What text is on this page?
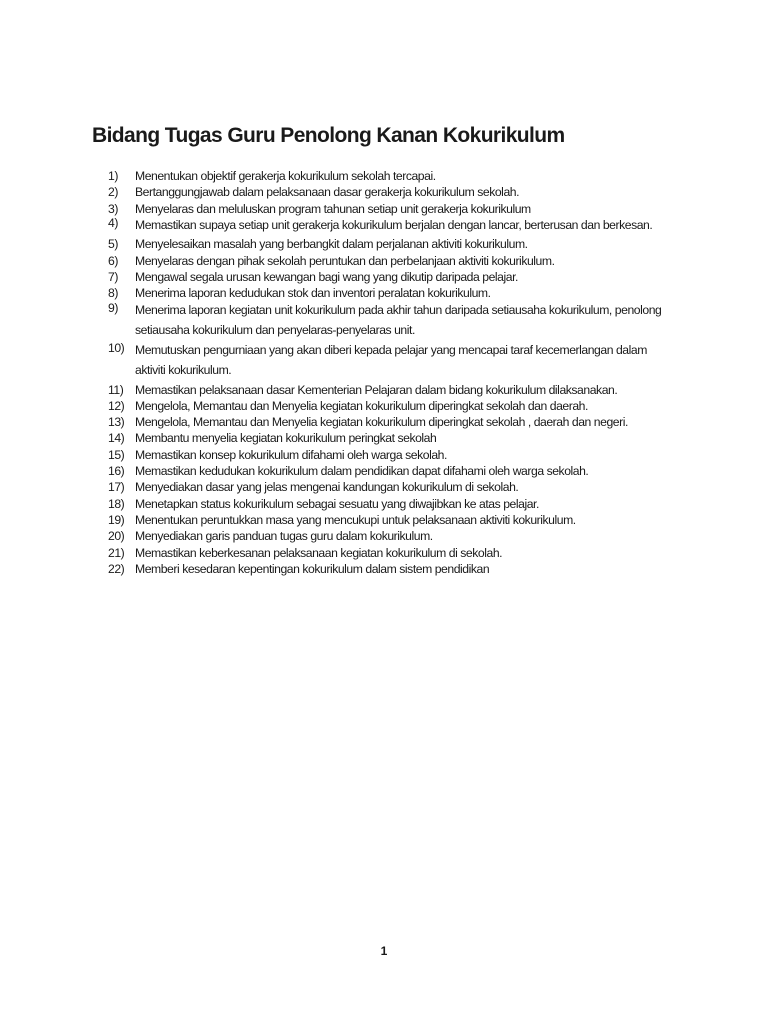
Bidang Tugas Guru Penolong Kanan Kokurikulum
1)	Menentukan objektif gerakerja kokurikulum sekolah tercapai.
2)	Bertanggungjawab dalam pelaksanaan dasar gerakerja kokurikulum sekolah.
3)	Menyelaras dan meluluskan program tahunan setiap unit gerakerja kokurikulum
4)	Memastikan supaya setiap unit gerakerja kokurikulum berjalan dengan lancar, berterusan dan berkesan.
5)	Menyelesaikan masalah yang berbangkit dalam perjalanan aktiviti kokurikulum.
6)	Menyelaras dengan pihak sekolah peruntukan dan perbelanjaan aktiviti kokurikulum.
7)	Mengawal segala urusan kewangan bagi wang yang dikutip daripada pelajar.
8)	Menerima laporan kedudukan stok dan inventori peralatan kokurikulum.
9)	Menerima laporan kegiatan unit kokurikulum pada akhir tahun daripada setiausaha kokurikulum, penolong setiausaha kokurikulum dan penyelaras-penyelaras unit.
10) Memutuskan pengurniaan yang akan diberi kepada pelajar yang mencapai taraf kecemerlangan dalam aktiviti kokurikulum.
11) Memastikan pelaksanaan dasar Kementerian Pelajaran dalam bidang kokurikulum dilaksanakan.
12) Mengelola, Memantau dan Menyelia kegiatan kokurikulum diperingkat sekolah dan daerah.
13) Mengelola, Memantau dan Menyelia kegiatan kokurikulum diperingkat sekolah , daerah dan negeri.
14) Membantu menyelia kegiatan kokurikulum peringkat sekolah
15) Memastikan konsep kokurikulum difahami oleh warga sekolah.
16) Memastikan kedudukan kokurikulum dalam pendidikan dapat difahami oleh warga sekolah.
17) Menyediakan dasar yang jelas mengenai kandungan kokurikulum di sekolah.
18) Menetapkan status kokurikulum sebagai sesuatu yang diwajibkan ke atas pelajar.
19) Menentukan peruntukkan masa yang mencukupi untuk pelaksanaan aktiviti kokurikulum.
20) Menyediakan garis panduan tugas guru dalam kokurikulum.
21) Memastikan keberkesanan pelaksanaan kegiatan kokurikulum di sekolah.
22) Memberi kesedaran kepentingan kokurikulum dalam sistem pendidikan
1
